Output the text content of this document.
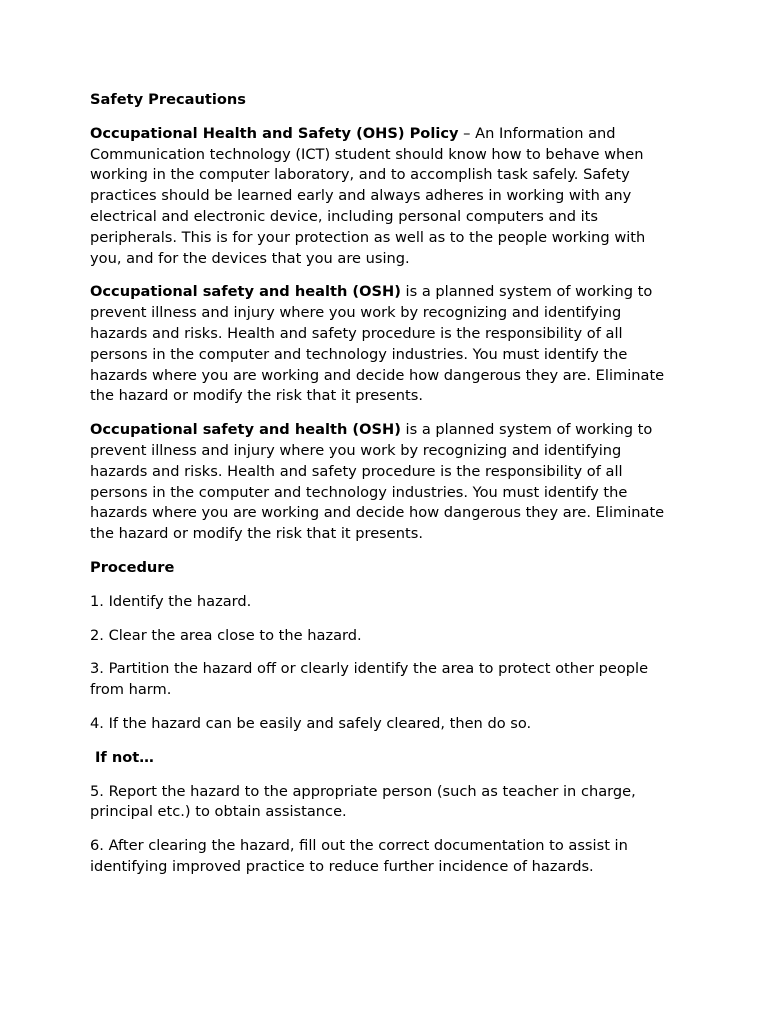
Safety Precautions

Occupational Health and Safety (OHS) Policy – An Information and Communication technology (ICT) student should know how to behave when working in the computer laboratory, and to accomplish task safely. Safety practices should be learned early and always adheres in working with any electrical and electronic device, including personal computers and its peripherals. This is for your protection as well as to the people working with you, and for the devices that you are using.

Occupational safety and health (OSH) is a planned system of working to prevent illness and injury where you work by recognizing and identifying hazards and risks. Health and safety procedure is the responsibility of all persons in the computer and technology industries. You must identify the hazards where you are working and decide how dangerous they are. Eliminate the hazard or modify the risk that it presents.

Occupational safety and health (OSH) is a planned system of working to prevent illness and injury where you work by recognizing and identifying hazards and risks. Health and safety procedure is the responsibility of all persons in the computer and technology industries. You must identify the hazards where you are working and decide how dangerous they are. Eliminate the hazard or modify the risk that it presents.

Procedure

1. Identify the hazard.

2. Clear the area close to the hazard.

3. Partition the hazard off or clearly identify the area to protect other people from harm.

4. If the hazard can be easily and safely cleared, then do so.

If not…

5. Report the hazard to the appropriate person (such as teacher in charge, principal etc.) to obtain assistance.

6. After clearing the hazard, fill out the correct documentation to assist in identifying improved practice to reduce further incidence of hazards.
